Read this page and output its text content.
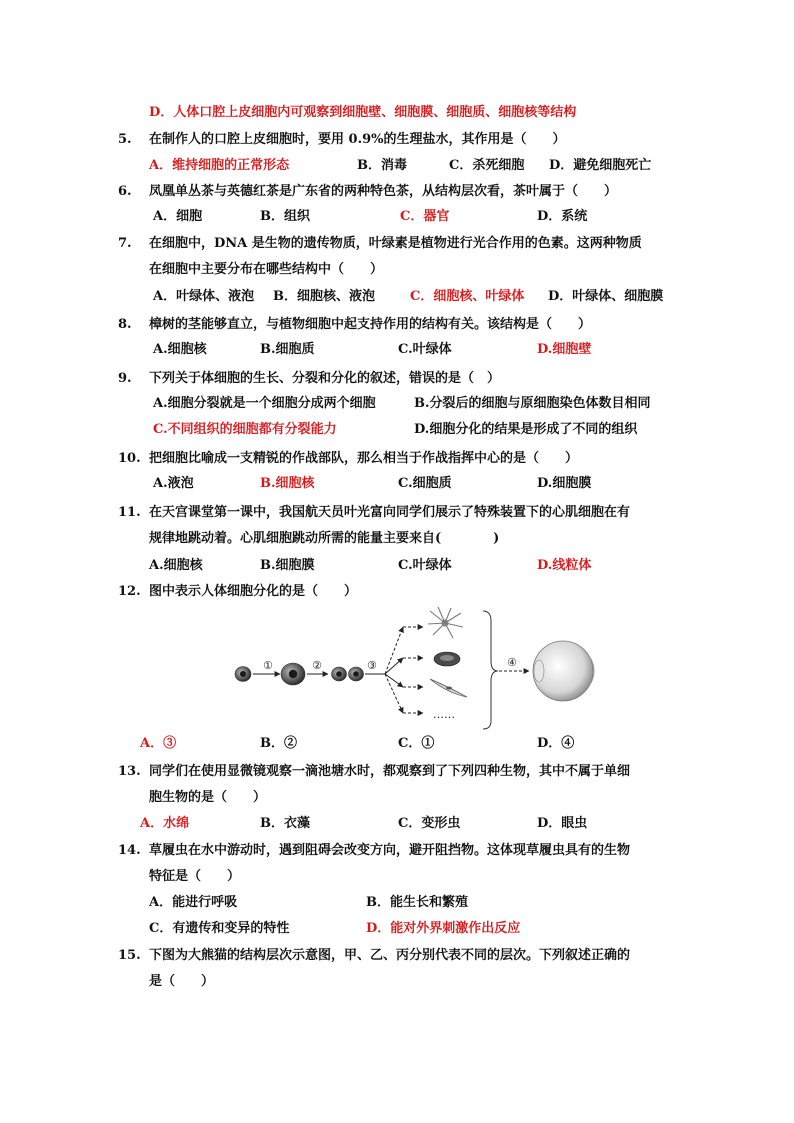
D．人体口腔上皮细胞内可观察到细胞壁、细胞膜、细胞质、细胞核等结构
5. 在制作人的口腔上皮细胞时，要用 0.9%的生理盐水，其作用是（　　）
A．维持细胞的正常形态	B．消毒	C．杀死细胞 D．避免细胞死亡
6. 凤凰单丛茶与英德红茶是广东省的两种特色茶，从结构层次看，茶叶属于（　　）
A．细胞	B．组织	C．器官	D．系统
7. 在细胞中，DNA 是生物的遗传物质，叶绿素是植物进行光合作用的色素。这两种物质
在细胞中主要分布在哪些结构中（　　）
A．叶绿体、液泡 B．细胞核、液泡	C．细胞核、叶绿体 D．叶绿体、细胞膜
8. 樟树的茎能够直立，与植物细胞中起支持作用的结构有关。该结构是（　　）
A.细胞核	B.细胞质	C.叶绿体	D.细胞壁
9. 下列关于体细胞的生长、分裂和分化的叙述，错误的是（　）
A.细胞分裂就是一个细胞分成两个细胞	B.分裂后的细胞与原细胞染色体数目相同
C.不同组织的细胞都有分裂能力	D.细胞分化的结果是形成了不同的组织
10. 把细胞比喻成一支精锐的作战部队，那么相当于作战指挥中心的是（　　）
A.液泡	B.细胞核	C.细胞质	D.细胞膜
11. 在天宫课堂第一课中，我国航天员叶光富向同学们展示了特殊装置下的心肌细胞在有
规律地跳动着。心肌细胞跳动所需的能量主要来自(　　　　)
A.细胞核	B.细胞膜	C.叶绿体	D.线粒体
12. 图中表示人体细胞分化的是（　　）
①	②	③
……
④
A．③	B．②	C．①	D．④
13. 同学们在使用显微镜观察一滴池塘水时，都观察到了下列四种生物，其中不属于单细
胞生物的是（　　）
A．水绵	B．衣藻	C．变形虫	D．眼虫
14. 草履虫在水中游动时，遇到阻碍会改变方向，避开阻挡物。这体现草履虫具有的生物
特征是（　　）
A．能进行呼吸	B．能生长和繁殖
C．有遗传和变异的特性	D．能对外界刺激作出反应
15. 下图为大熊猫的结构层次示意图，甲、乙、丙分别代表不同的层次。下列叙述正确的
是（　　）
